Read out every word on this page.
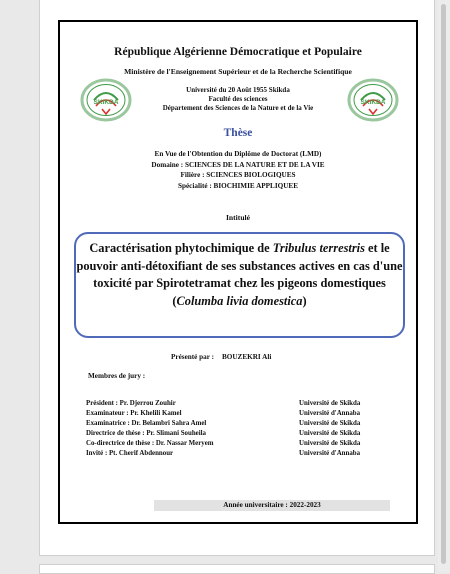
République Algérienne Démocratique et Populaire
Ministère de l'Enseignement Supérieur et de la Recherche Scientifique
Université du 20 Août 1955 Skikda
Faculté des sciences
Département des Sciences de la Nature et de la Vie
SKIKDA	SKIKDA
Thèse
En Vue de l'Obtention du Diplôme de Doctorat (LMD)
Domaine : SCIENCES DE LA NATURE ET DE LA VIE
Filière : SCIENCES BIOLOGIQUES
Spécialité : BIOCHIMIE APPLIQUEE
Intitulé
Caractérisation phytochimique de Tribulus terrestris et le pouvoir anti-détoxifiant de ses substances actives en cas d'une toxicité par Spirotetramat chez les pigeons domestiques (Columba livia domestica)
Présenté par : BOUZEKRI Ali
Membres de jury :
Président : Pr. Djerrou Zouhir	Université de Skikda
Examinateur : Pr. Khelili Kamel	Université d'Annaba
Examinatrice : Dr. Belambri Sahra Amel	Université de Skikda
Directrice de thèse : Pr. Slimani Souheila	Université de Skikda
Co-directrice de thèse : Dr. Nassar Meryem	Université de Skikda
Invité : Pt. Cherif Abdennour	Université d'Annaba
Année universitaire : 2022-2023
